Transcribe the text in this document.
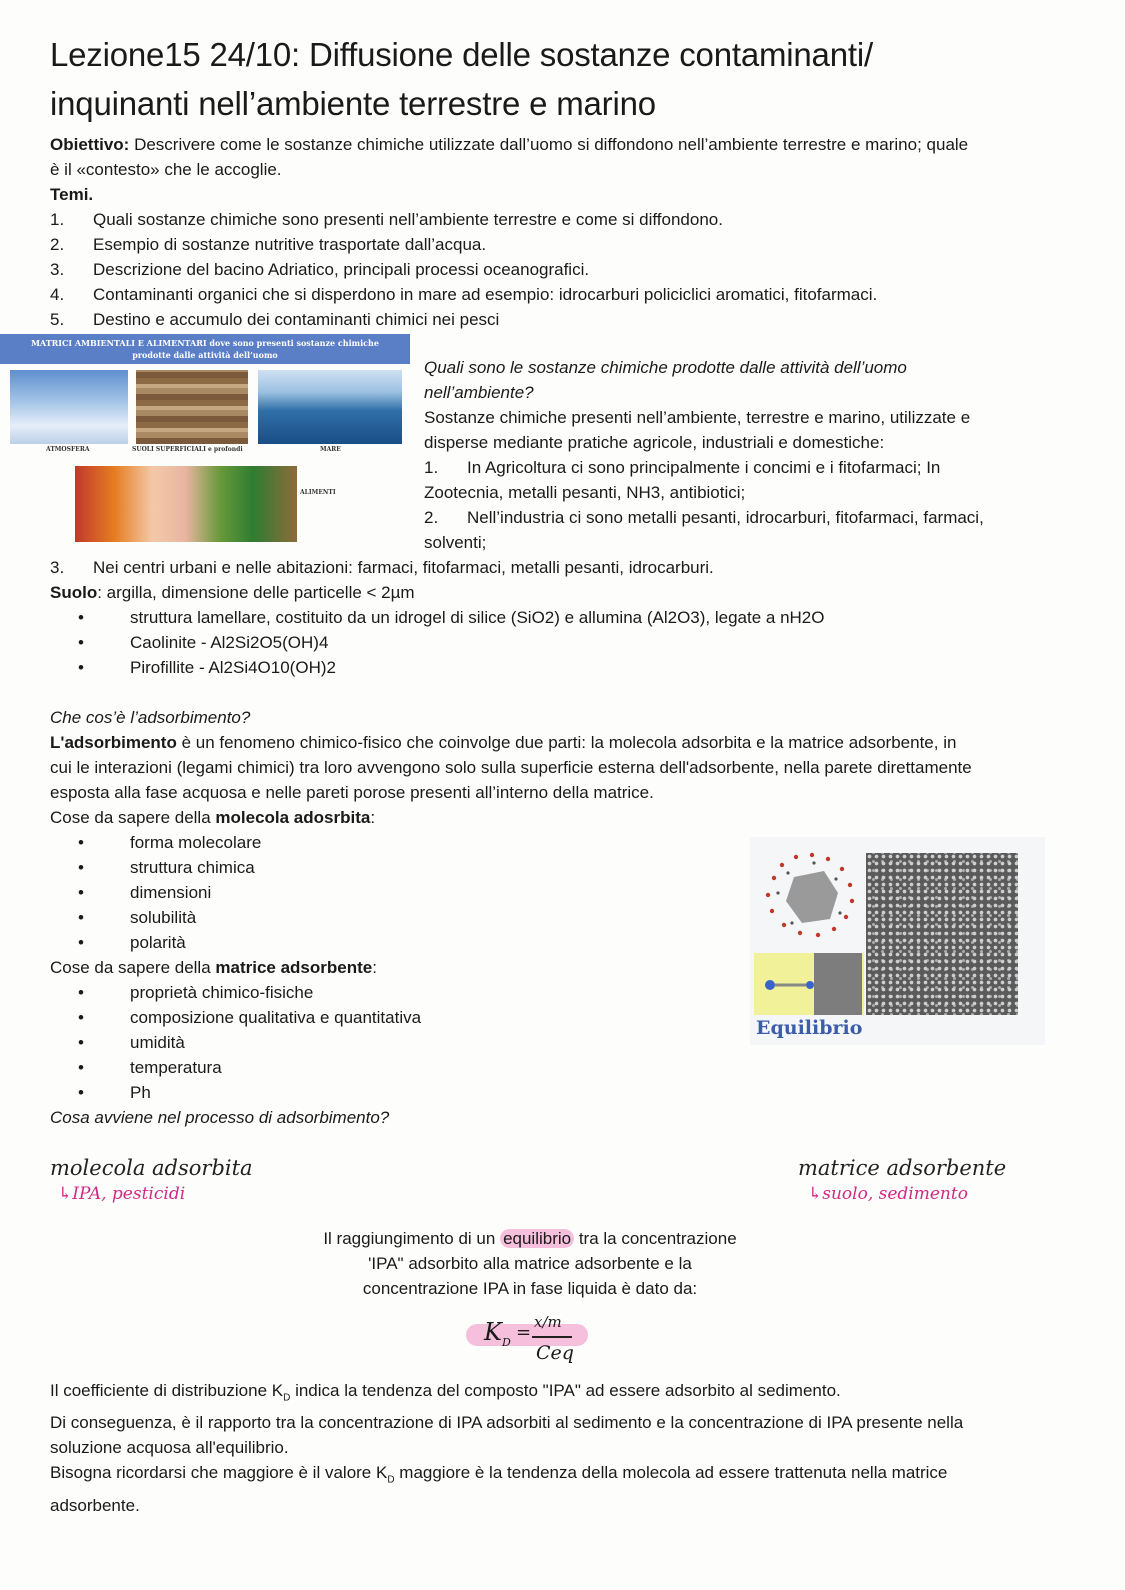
Lezione15 24/10: Diffusione delle sostanze contaminanti/
inquinanti nell’ambiente terrestre e marino

Obiettivo: Descrivere come le sostanze chimiche utilizzate dall’uomo si diffondono nell’ambiente terrestre e marino; quale
è il «contesto» che le accoglie.

Temi.

1.	Quali sostanze chimiche sono presenti nell’ambiente terrestre e come si diffondono.
2.	Esempio di sostanze nutritive trasportate dall’acqua.
3.	Descrizione del bacino Adriatico, principali processi oceanografici.
4.	Contaminanti organici che si disperdono in mare ad esempio: idrocarburi policiclici aromatici, fitofarmaci.
5.	Destino e accumulo dei contaminanti chimici nei pesci
MATRICI AMBIENTALI E ALIMENTARI dove sono presenti sostanze chimiche
prodotte dalle attività dell’uomo
ATMOSFERA	SUOLI SUPERFICIALI e profondi	MARE
ALIMENTI

Quali sono le sostanze chimiche prodotte dalle attività dell’uomo
nell’ambiente?

Sostanze chimiche presenti nell’ambiente, terrestre e marino, utilizzate e
disperse mediante pratiche agricole, industriali e domestiche:

1. In Agricoltura ci sono principalmente i concimi e i fitofarmaci; In
Zootecnia, metalli pesanti, NH3, antibiotici;

2. Nell’industria ci sono metalli pesanti, idrocarburi, fitofarmaci, farmaci,
solventi;

3. Nei centri urbani e nelle abitazioni: farmaci, fitofarmaci, metalli pesanti, idrocarburi.

Suolo: argilla, dimensione delle particelle < 2µm

•	struttura lamellare, costituito da un idrogel di silice (SiO2) e allumina (Al2O3), legate a nH2O
•	Caolinite - Al2Si2O5(OH)4
•	Pirofillite - Al2Si4O10(OH)2

Che cos’è l’adsorbimento?

L'adsorbimento è un fenomeno chimico-fisico che coinvolge due parti: la molecola adsorbita e la matrice adsorbente, in
cui le interazioni (legami chimici) tra loro avvengono solo sulla superficie esterna dell'adsorbente, nella parete direttamente
esposta alla fase acquosa e nelle pareti porose presenti all’interno della matrice.

Cose da sapere della molecola adosrbita:

•	forma molecolare
•	struttura chimica
•	dimensioni
•	solubilità
•	polarità

Cose da sapere della matrice adsorbente:

•	proprietà chimico-fisiche
•	composizione qualitativa e quantitativa
•	umidità
•	temperatura
•	Ph

Cosa avviene nel processo di adsorbimento?

Equilibrio
molecola adsorbita
↳IPA, pesticidi
matrice adsorbente
↳suolo, sedimento

Il raggiungimento di un equilibrio tra la concentrazione

'IPA" adsorbito alla matrice adsorbente e la

concentrazione IPA in fase liquida è dato da:

$K_D = x/m$
Ceq

Il coefficiente di distribuzione $K_D$ indica la tendenza del composto "IPA" ad essere adsorbito al sedimento.

Di conseguenza, è il rapporto tra la concentrazione di IPA adsorbiti al sedimento e la concentrazione di IPA presente nella

soluzione acquosa all'equilibrio.

Bisogna ricordarsi che maggiore è il valore $K_D$ maggiore è la tendenza della molecola ad essere trattenuta nella matrice

adsorbente.
